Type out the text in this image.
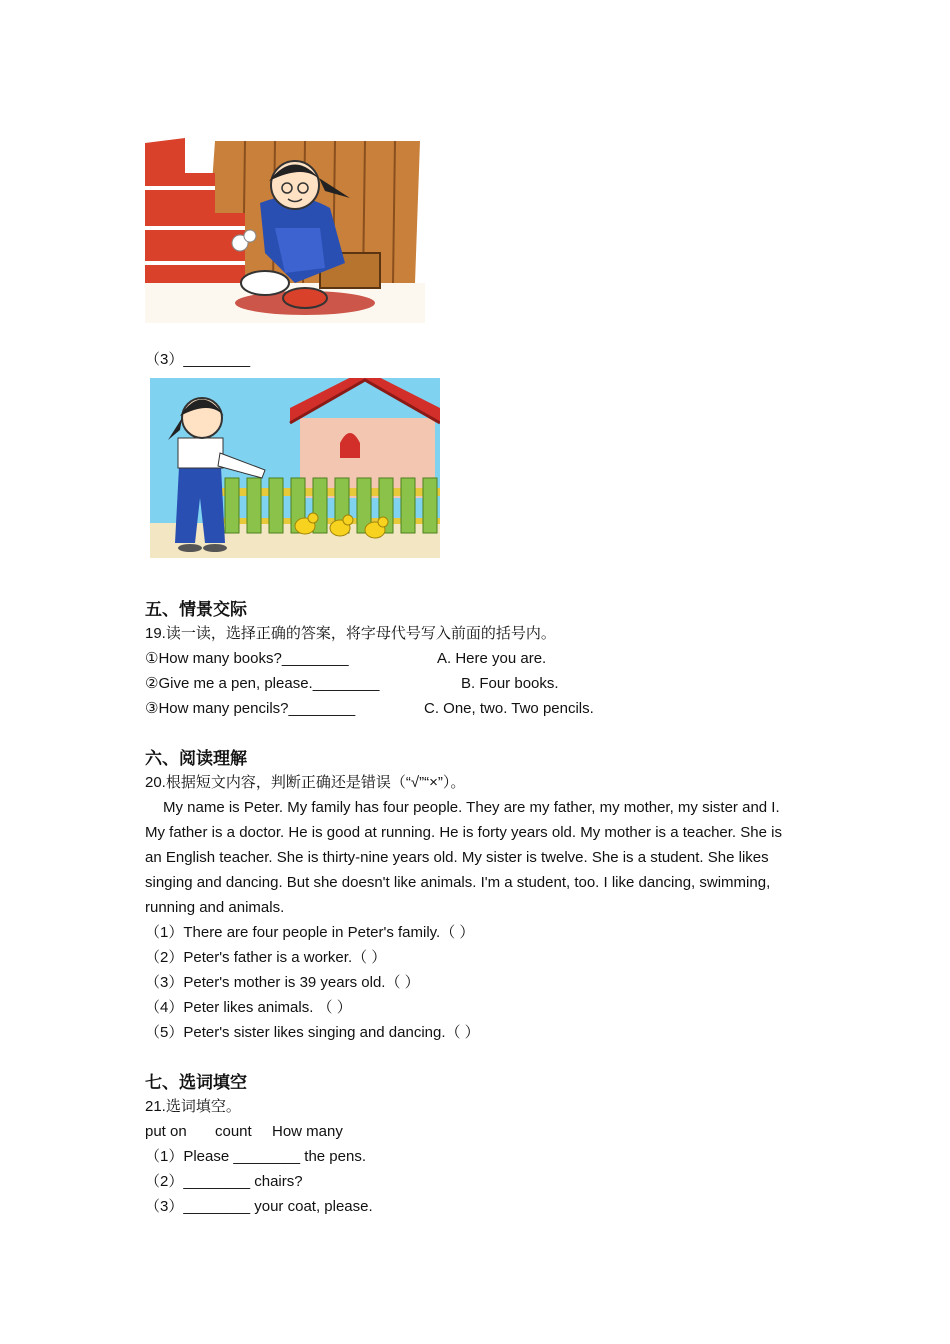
（3）________
五、情景交际
19.读一读，选择正确的答案，将字母代号写入前面的括号内。
①How many books?________	A. Here you are.
②Give me a pen, please.________	B. Four books.
③How many pencils?________	C. One, two. Two pencils.
六、阅读理解
20.根据短文内容，判断正确还是错误（“√”“×”）。
My name is Peter. My family has four people. They are my father, my mother, my sister and I. My father is a doctor. He is good at running. He is forty years old. My mother is a teacher. She is an English teacher. She is thirty-nine years old. My sister is twelve. She is a student. She likes singing and dancing. But she doesn't like animals. I'm a student, too. I like dancing, swimming, running and animals.
（1）There are four people in Peter's family.（ ）
（2）Peter's father is a worker.（ ）
（3）Peter's mother is 39 years old.（ ）
（4）Peter likes animals. （ ）
（5）Peter's sister likes singing and dancing.（ ）
七、选词填空
21.选词填空。
put on count How many
（1）Please ________ the pens.
（2）________ chairs?
（3）________ your coat, please.
